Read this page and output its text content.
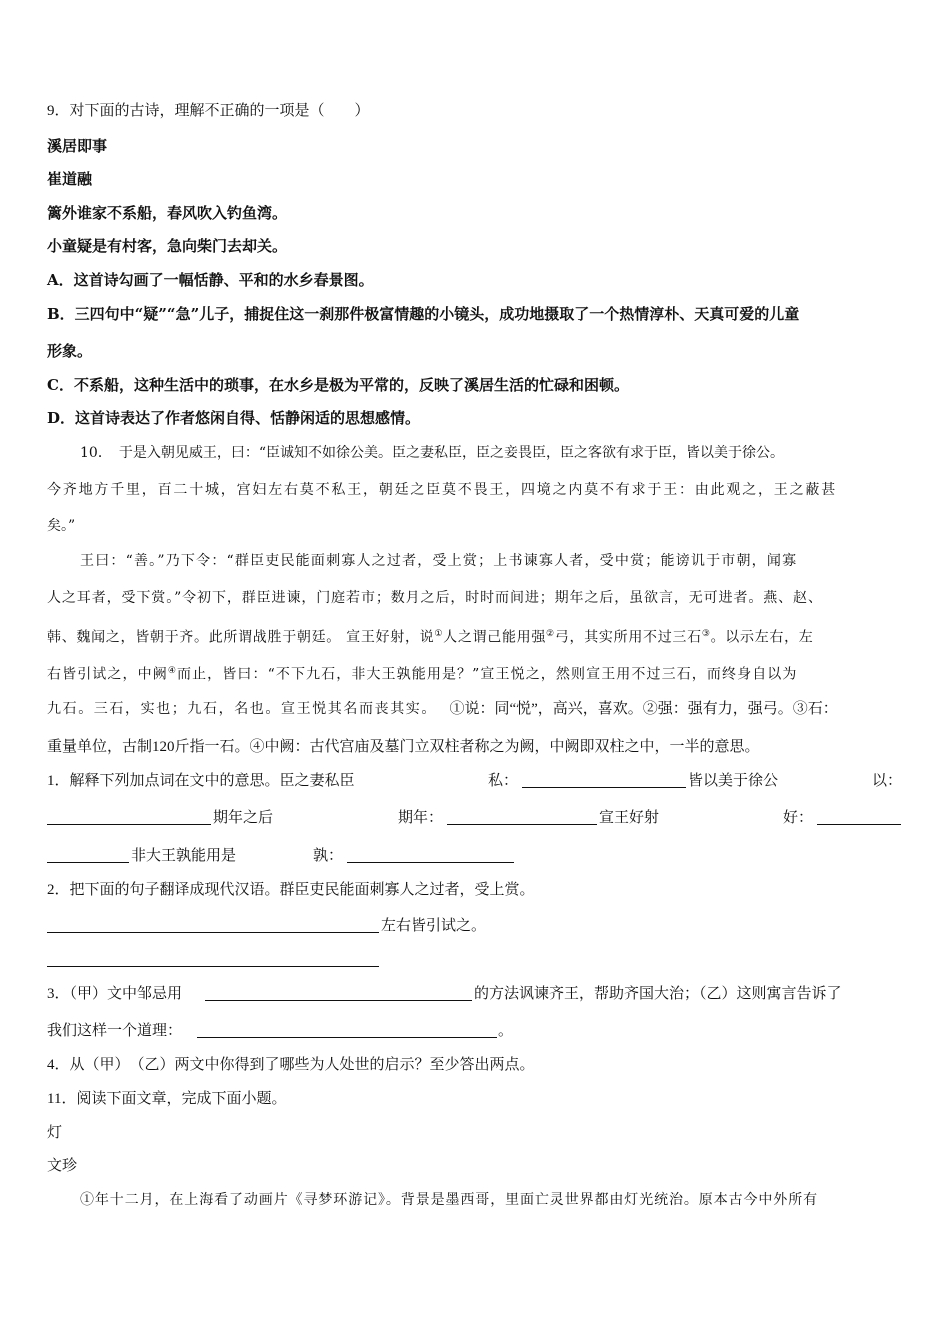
9．对下面的古诗，理解不正确的一项是（　　）
溪居即事
崔道融
篱外谁家不系船，春风吹入钓鱼湾。
小童疑是有村客，急向柴门去却关。
A．这首诗勾画了一幅恬静、平和的水乡春景图。
B．三四句中“疑”“急”儿子，捕捉住这一刹那件极富情趣的小镜头，成功地摄取了一个热情淳朴、天真可爱的儿童
形象。
C．不系船，这种生活中的琐事，在水乡是极为平常的，反映了溪居生活的忙碌和困顿。
D．这首诗表达了作者悠闲自得、恬静闲适的思想感情。
10．　于是入朝见威王，曰：“臣诚知不如徐公美。臣之妻私臣，臣之妾畏臣，臣之客欲有求于臣，皆以美于徐公。
今齐地方千里，百二十城，宫妇左右莫不私王，朝廷之臣莫不畏王，四境之内莫不有求于王：由此观之，王之蔽甚
矣。”
王曰：“善。”乃下令：“群臣吏民能面刺寡人之过者，受上赏；上书谏寡人者，受中赏；能谤讥于市朝，闻寡
人之耳者，受下赏。”令初下，群臣进谏，门庭若市；数月之后，时时而间进；期年之后，虽欲言，无可进者。燕、赵、
韩、魏闻之，皆朝于齐。此所谓战胜于朝廷。 宣王好射，说①人之谓己能用强②弓，其实所用不过三石③。以示左右，左
右皆引试之，中阙④而止，皆曰：“不下九石，非大王孰能用是？”宣王悦之，然则宣王用不过三石，而终身自以为
九石。三石，实也；九石，名也。宣王悦其名而丧其实。 ①说：同“悦”，高兴，喜欢。②强：强有力，强弓。③石：
重量单位，古制120斤指一石。④中阙：古代宫庙及墓门立双柱者称之为阙，中阙即双柱之中，一半的意思。
1．解释下列加点词在文中的意思。臣之妻私臣	私：	皆以美于徐公	以：
期年之后	期年：	宣王好射	好：
非大王孰能用是	孰：
2．把下面的句子翻译成现代汉语。群臣吏民能面刺寡人之过者，受上赏。
左右皆引试之。
3．（甲）文中邹忌用	的方法讽谏齐王，帮助齐国大治；（乙）这则寓言告诉了
我们这样一个道理：	。
4．从（甲）　（乙）两文中你得到了哪些为人处世的启示？至少答出两点。
11．阅读下面文章，完成下面小题。
灯
文珍
①年十二月，在上海看了动画片《寻梦环游记》。背景是墨西哥，里面亡灵世界都由灯光统治。原本古今中外所有
